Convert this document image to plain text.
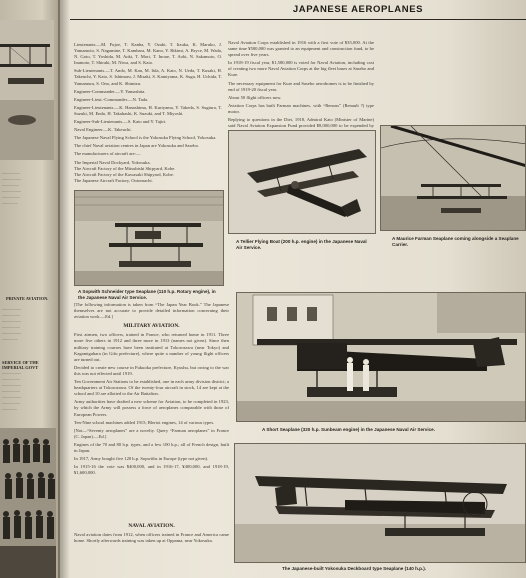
.................
..................
................
..................
.................
...............
PRIVATE AVIATION.
..................
.................
..................
.................
..................
...............
SERVICE OF THE IMPERIAL GOVT
..................
.................
..................
.................
..................
.................
..............
JAPANESE AEROPLANES

Lieutenants.—M. Fujoe, T. Kanba, Y. Ozaki, T. Iizuka, K. Maruko, J. Yamamoto, S. Nagamine, T. Kambara, M. Kano, Y. Rikimi, A. Bryce, M. Wada, N. Goto, T. Yoshida, M. Aoki, T. Mori, T. Inoue, T. Aoki, N. Sakamoto, O. Inamoto, T. Shiraki, M. Niwa, and S. Kato.

Sub-Lieutenants.—T. Ando, M. Kan, M. Iida, A. Kato, N. Ueda, T. Kusaki, H. Takeuchi, Y. Kato, S. Ishimaru, J. Misaki, S. Kamiyama, K. Suga, H. Uchida, T. Yamamura, S. Ono, and K. Shimizu.

Engineer-Commander.—Y. Yamashita.

Engineer-Lieut.-Commander.—N. Tada.

Engineer-Lieutenants.—K. Hanashima, H. Kuriyama, Y. Takeda, S. Sugiura, T. Suzuki, M. Endo, H. Takahashi, K. Suzuki, and T. Miyoshi.

Engineer-Sub-Lieutenants.—S. Kato and Y. Tajiri.

Naval Engineer.—K. Takeuchi.

The Japanese Naval Flying School is the Yokosuka Flying School, Yokosuka.

The chief Naval aviation centres in Japan are Yokosuka and Sasebo.

The manufacturers of aircraft are:—

The Imperial Naval Dockyard, Yokosuka.

The Aircraft Factory of the Mitsubishi Shipyard, Kobe.

The Aircraft Factory of the Kawasaki Shipyard, Kobe.

The Japanese Aircraft Factory, Ootomachi.

Naval Aviation Corps established in 1916 with a first vote of ¥35,000. At the same time ¥500,000 was granted to an equipment and construction fund, to be spread over five years.

In 1918-19 fiscal year, ¥1,580,000 is voted for Naval Aviation, including cost of creating two more Naval Aviation Corps at the big fleet bases at Sasebo and Kure.

The necessary equipment for Kure and Sasebo aerodromes is to be finished by end of 1919-20 fiscal year.

About 50 flight officers now.

Aviation Corps has built Farman machines, with “Renous” (Renault ?) type motor.

Replying to questions in the Diet, 1918, Admiral Kato (Minister of Marine) said Naval Aviation Expansion Fund provided ¥8,000,000 to be expended by

A Maurice Farman Seaplane coming alongside a Seaplane Carrier.
A Tellier Flying Boat (200 h.p. engine) in the Japanese Naval Air Service.
A Sopwith Schneider type Seaplane (110 h.p. Rotary engine), in the Japanese Naval Air Service.

[The following information is taken from “The Japan Year Book.” The Japanese themselves are not accurate to provide detailed information concerning their aviation work.—Ed.]

MILITARY AVIATION.

First airmen, two officers, trained in France, who returned home in 1911. Three more five others in 1912 and three more in 1913 (names not given). Since then military training courses have been instituted at Tokorozawa (near Tokyo) and Kagamigahara (in Gifu prefecture), where quite a number of young flight officers are turned out.

Decided to create new course in Fukuoka prefecture, Kyushu, but owing to the war this was not effected until 1919.

Ten Government Air Stations to be established, one in each army division district; a headquarters at Tokorozawa. Of the twenty-four aircraft in stock, 14 are kept at the school and 10 are allotted to the Air Battalion.

Army authorities have drafted a new scheme for Aviation, to be completed in 1923, by which the Army will possess a force of aeroplanes comparable with those of European Powers.

Ten-Nine school machines added 1915; Bleriot engines, 14 of various types.

[Not—“Seventy aeroplanes” are a novelty. Query “Farman aeroplanes” in France (C. Japan).—Ed.]

Engines of the 70 and 80 h.p. types, and a few 100 h.p.; all of French design, built in Japan.

In 1917, Army bought five 120 h.p. Sopwiths in Europe (type not given).

In 1915-16 the vote was ¥400,000, and in 1916-17, ¥400,000, and 1918-19, ¥1,600,000.

NAVAL AVIATION.

Naval aviation dates from 1912, when officers trained in France and America came home. Shortly afterwards training was taken up at Oppama, near Yokosuka.

A Short Seaplane (320 h.p. Sunbeam engine) in the Japanese Naval Air Service.
The Japanese-built Yokosuka Deckboard type Seaplane (140 h.p.).
